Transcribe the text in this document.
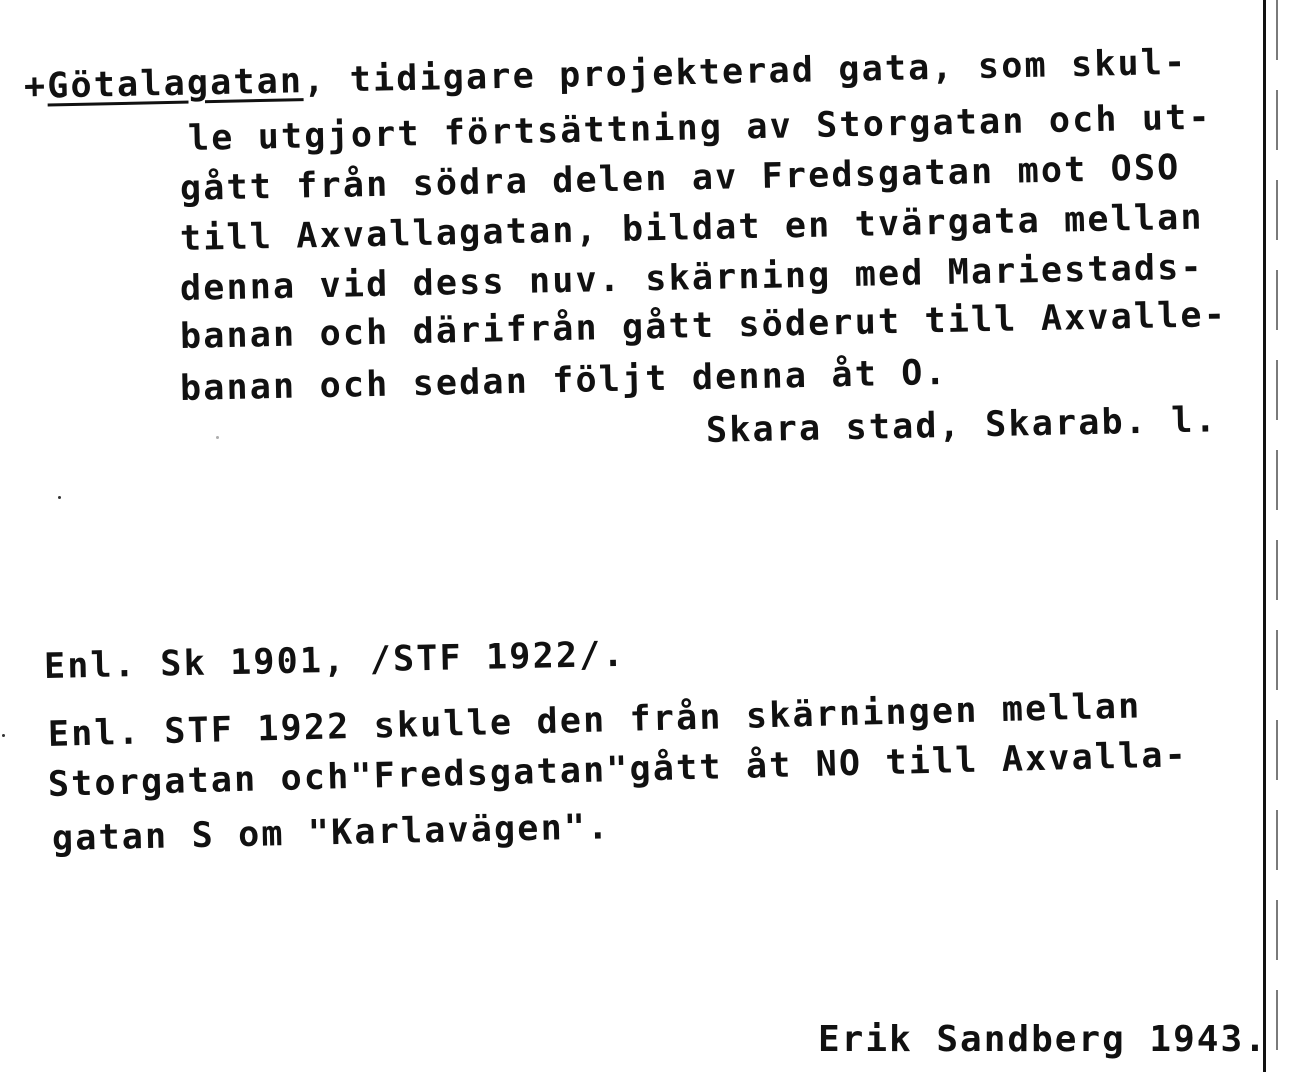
+Götalagatan, tidigare projekterad gata, som skul-
le utgjort förtsättning av Storgatan och ut-
gått från södra delen av Fredsgatan mot OSO
till Axvallagatan, bildat en tvärgata mellan
denna vid dess nuv. skärning med Mariestads-
banan och därifrån gått söderut till Axvalle-
banan och sedan följt denna åt O.
Skara stad, Skarab. l.
Enl. Sk 1901, /STF 1922/.
Enl. STF 1922 skulle den från skärningen mellan
Storgatan och"Fredsgatan"gått åt NO till Axvalla-
gatan S om "Karlavägen".
Erik Sandberg 1943.
